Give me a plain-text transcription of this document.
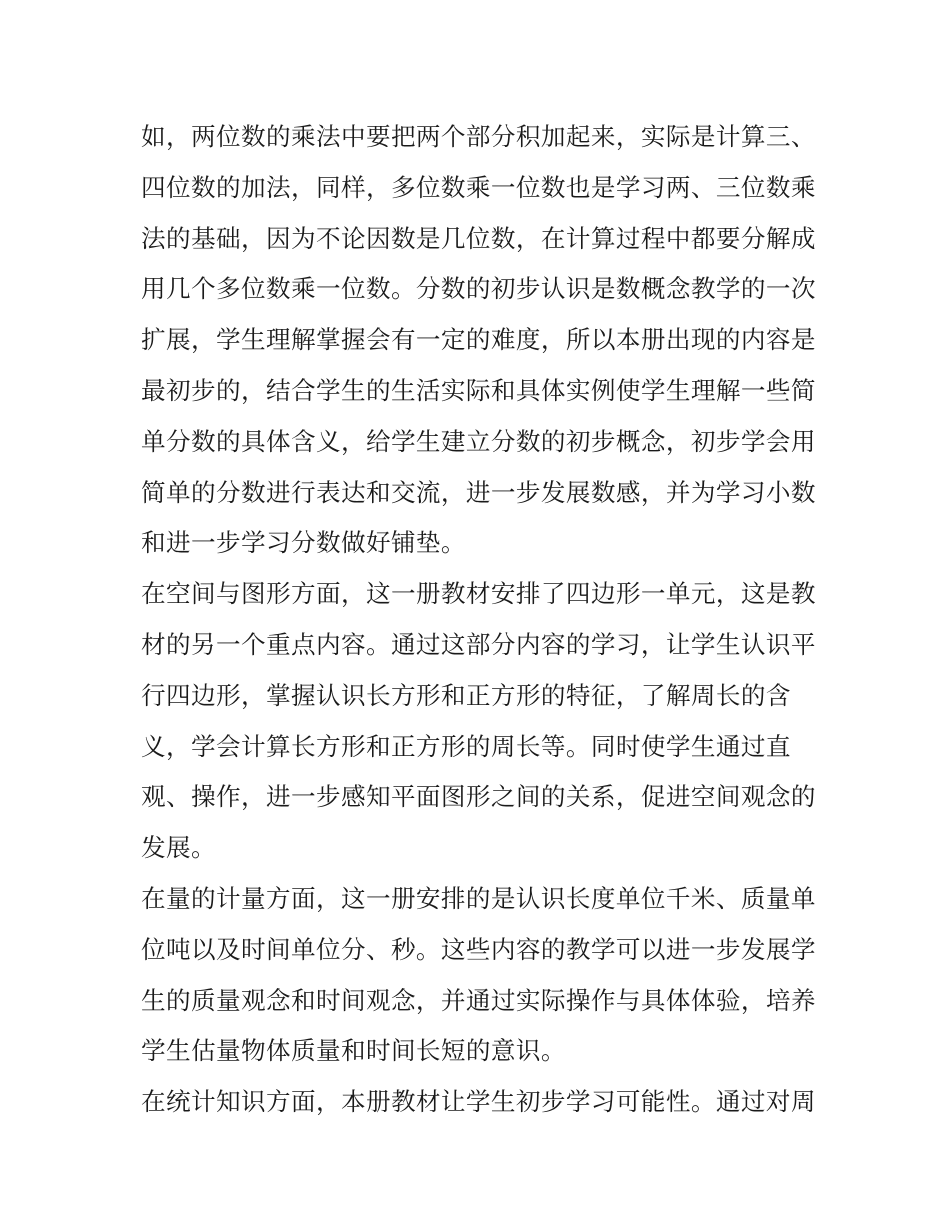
如，两位数的乘法中要把两个部分积加起来，实际是计算三、
四位数的加法，同样，多位数乘一位数也是学习两、三位数乘
法的基础，因为不论因数是几位数，在计算过程中都要分解成
用几个多位数乘一位数。分数的初步认识是数概念教学的一次
扩展，学生理解掌握会有一定的难度，所以本册出现的内容是
最初步的，结合学生的生活实际和具体实例使学生理解一些简
单分数的具体含义，给学生建立分数的初步概念，初步学会用
简单的分数进行表达和交流，进一步发展数感，并为学习小数
和进一步学习分数做好铺垫。
在空间与图形方面，这一册教材安排了四边形一单元，这是教
材的另一个重点内容。通过这部分内容的学习，让学生认识平
行四边形，掌握认识长方形和正方形的特征，了解周长的含
义，学会计算长方形和正方形的周长等。同时使学生通过直
观、操作，进一步感知平面图形之间的关系，促进空间观念的
发展。
在量的计量方面，这一册安排的是认识长度单位千米、质量单
位吨以及时间单位分、秒。这些内容的教学可以进一步发展学
生的质量观念和时间观念，并通过实际操作与具体体验，培养
学生估量物体质量和时间长短的意识。
在统计知识方面，本册教材让学生初步学习可能性。通过对周
